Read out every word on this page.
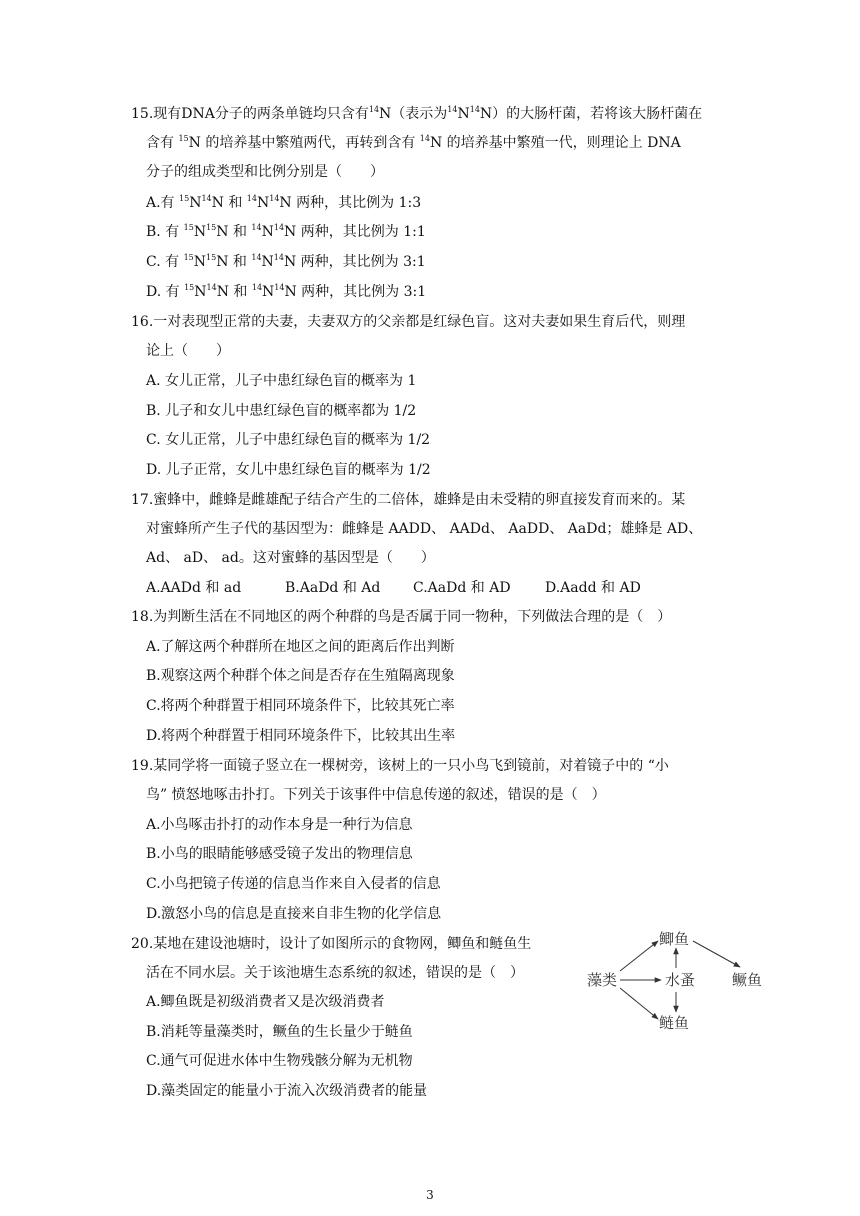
15.现有DNA分子的两条单链均只含有$^{14}$N（表示为$^{14}N^{14}N$）的大肠杆菌，若将该大肠杆菌在
含有 $^{15}$N 的培养基中繁殖两代，再转到含有 $^{14}$N 的培养基中繁殖一代，则理论上 DNA
分子的组成类型和比例分别是（　　）
A.有 $^{15}N^{14}N$ 和 $^{14}N^{14}N$ 两种，其比例为 1:3
B. 有 $^{15}N^{15}N$ 和 $^{14}N^{14}N$ 两种，其比例为 1:1
C. 有 $^{15}N^{15}N$ 和 $^{14}N^{14}N$ 两种，其比例为 3:1
D. 有 $^{15}N^{14}N$ 和 $^{14}N^{14}N$ 两种，其比例为 3:1
16.一对表现型正常的夫妻，夫妻双方的父亲都是红绿色盲。这对夫妻如果生育后代，则理
论上（　　）
A. 女儿正常，儿子中患红绿色盲的概率为 1
B. 儿子和女儿中患红绿色盲的概率都为 1/2
C. 女儿正常，儿子中患红绿色盲的概率为 1/2
D. 儿子正常，女儿中患红绿色盲的概率为 1/2
17.蜜蜂中，雌蜂是雌雄配子结合产生的二倍体，雄蜂是由未受精的卵直接发育而来的。某
对蜜蜂所产生子代的基因型为：雌蜂是 AADD、 AADd、 AaDD、 AaDd；雄蜂是 AD、
Ad、 aD、 ad。这对蜜蜂的基因型是（　　）
A.AADd 和 ad	B.AaDd 和 Ad C.AaDd 和 AD D.Aadd 和 AD
18.为判断生活在不同地区的两个种群的鸟是否属于同一物种，下列做法合理的是（　）
A.了解这两个种群所在地区之间的距离后作出判断
B.观察这两个种群个体之间是否存在生殖隔离现象
C.将两个种群置于相同环境条件下，比较其死亡率
D.将两个种群置于相同环境条件下，比较其出生率
19.某同学将一面镜子竖立在一棵树旁，该树上的一只小鸟飞到镜前，对着镜子中的 “小
鸟” 愤怒地啄击扑打。下列关于该事件中信息传递的叙述，错误的是（　）
A.小鸟啄击扑打的动作本身是一种行为信息
B.小鸟的眼睛能够感受镜子发出的物理信息
C.小鸟把镜子传递的信息当作来自入侵者的信息
D.激怒小鸟的信息是直接来自非生物的化学信息
20.某地在建设池塘时，设计了如图所示的食物网，鲫鱼和鲢鱼生
活在不同水层。关于该池塘生态系统的叙述，错误的是（　）
A.鲫鱼既是初级消费者又是次级消费者
B.消耗等量藻类时，鳜鱼的生长量少于鲢鱼
C.通气可促进水体中生物残骸分解为无机物
D.藻类固定的能量小于流入次级消费者的能量
藻类
鲫鱼
水蚤
鲢鱼
鳜鱼
3
